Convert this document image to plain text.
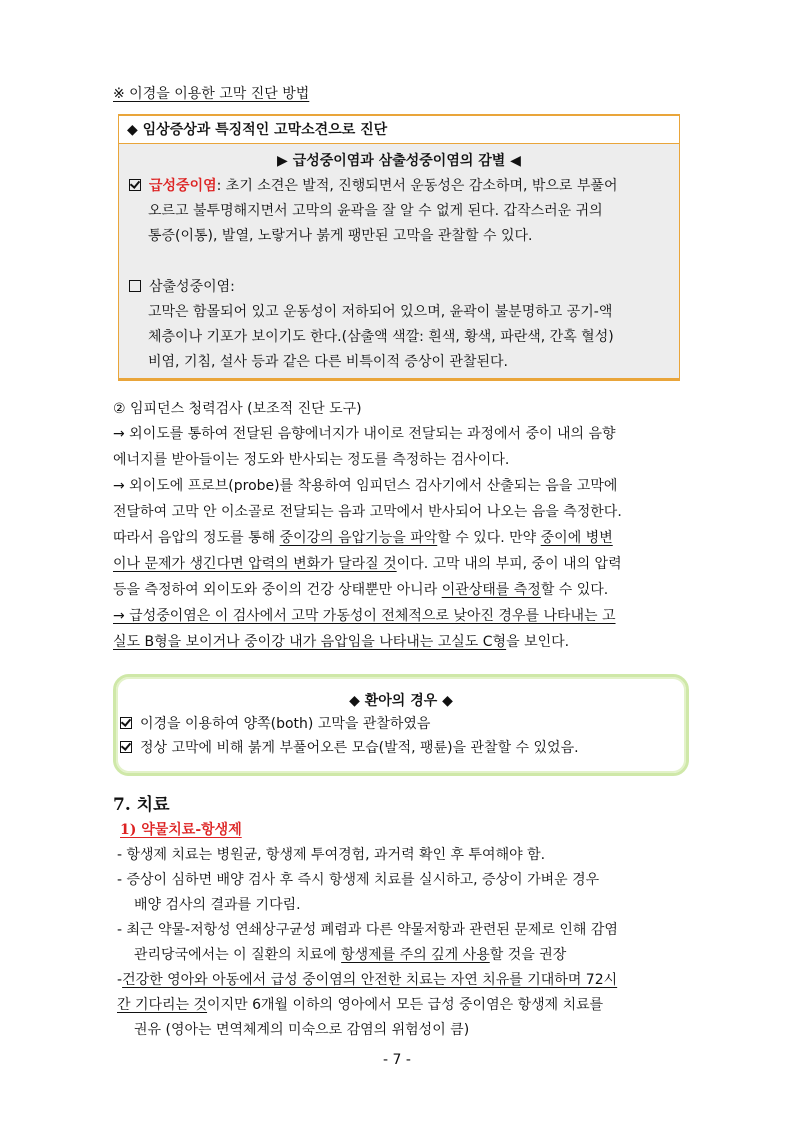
※ 이경을 이용한 고막 진단 방법
◆ 임상증상과 특징적인 고막소견으로 진단
▶ 급성중이염과 삼출성중이염의 감별 ◀
급성중이염: 초기 소견은 발적, 진행되면서 운동성은 감소하며, 밖으로 부풀어
오르고 불투명해지면서 고막의 윤곽을 잘 알 수 없게 된다. 갑작스러운 귀의
통증(이통), 발열, 노랗거나 붉게 팽만된 고막을 관찰할 수 있다.
삼출성중이염:
고막은 함몰되어 있고 운동성이 저하되어 있으며, 윤곽이 불분명하고 공기-액
체층이나 기포가 보이기도 한다.(삼출액 색깔: 흰색, 황색, 파란색, 간혹 혈성)
비염, 기침, 설사 등과 같은 다른 비특이적 증상이 관찰된다.
② 임피던스 청력검사 (보조적 진단 도구)
→ 외이도를 통하여 전달된 음향에너지가 내이로 전달되는 과정에서 중이 내의 음향
에너지를 받아들이는 정도와 반사되는 정도를 측정하는 검사이다.
→ 외이도에 프로브(probe)를 착용하여 임피던스 검사기에서 산출되는 음을 고막에
전달하여 고막 안 이소골로 전달되는 음과 고막에서 반사되어 나오는 음을 측정한다.
따라서 음압의 정도를 통해 중이강의 음압기능을 파악할 수 있다. 만약 중이에 병변
이나 문제가 생긴다면 압력의 변화가 달라질 것이다. 고막 내의 부피, 중이 내의 압력
등을 측정하여 외이도와 중이의 건강 상태뿐만 아니라 이관상태를 측정할 수 있다.
→ 급성중이염은 이 검사에서 고막 가동성이 전체적으로 낮아진 경우를 나타내는 고
실도 B형을 보이거나 중이강 내가 음압임을 나타내는 고실도 C형을 보인다.
◆ 환아의 경우 ◆
이경을 이용하여 양쪽(both) 고막을 관찰하였음
정상 고막에 비해 붉게 부풀어오른 모습(발적, 팽륜)을 관찰할 수 있었음.
7. 치료
1) 약물치료-항생제
- 항생제 치료는 병원균, 항생제 투여경험, 과거력 확인 후 투여해야 함.
- 증상이 심하면 배양 검사 후 즉시 항생제 치료를 실시하고, 증상이 가벼운 경우
배양 검사의 결과를 기다림.
- 최근 약물-저항성 연쇄상구균성 폐렴과 다른 약물저항과 관련된 문제로 인해 감염
관리당국에서는 이 질환의 치료에 항생제를 주의 깊게 사용할 것을 권장
-건강한 영아와 아동에서 급성 중이염의 안전한 치료는 자연 치유를 기대하며 72시
간 기다리는 것이지만 6개월 이하의 영아에서 모든 급성 중이염은 항생제 치료를
권유 (영아는 면역체계의 미숙으로 감염의 위험성이 큼)
- 7 -
